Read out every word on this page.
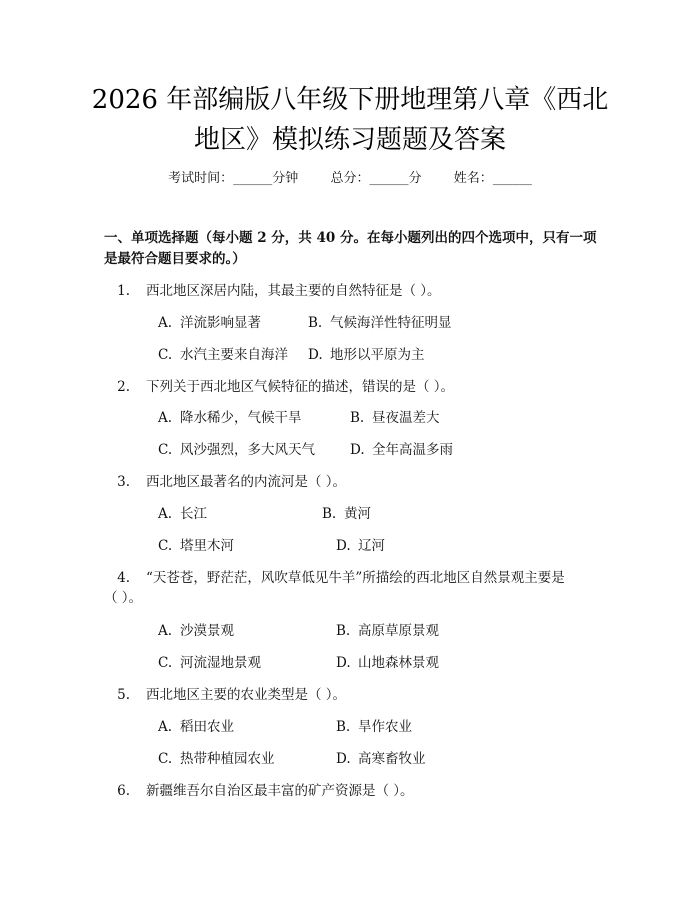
2026 年部编版八年级下册地理第八章《西北
地区》模拟练习题题及答案
考试时间：______分钟 总分：______分 姓名：______
一、单项选择题（每小题 2 分，共 40 分。在每小题列出的四个选项中，只有一项
是最符合题目要求的。）
1. 西北地区深居内陆，其最主要的自然特征是（ ）。
A. 洋流影响显著	B. 气候海洋性特征明显
C. 水汽主要来自海洋 D. 地形以平原为主
2. 下列关于西北地区气候特征的描述，错误的是（ ）。
A. 降水稀少，气候干旱	B. 昼夜温差大
C. 风沙强烈，多大风天气	D. 全年高温多雨
3. 西北地区最著名的内流河是（ ）。
A. 长江	B. 黄河
C. 塔里木河	D. 辽河
4. “天苍苍，野茫茫，风吹草低见牛羊”所描绘的西北地区自然景观主要是
（ ）。
A. 沙漠景观	B. 高原草原景观
C. 河流湿地景观	D. 山地森林景观
5. 西北地区主要的农业类型是（ ）。
A. 稻田农业	B. 旱作农业
C. 热带种植园农业	D. 高寒畜牧业
6. 新疆维吾尔自治区最丰富的矿产资源是（ ）。
